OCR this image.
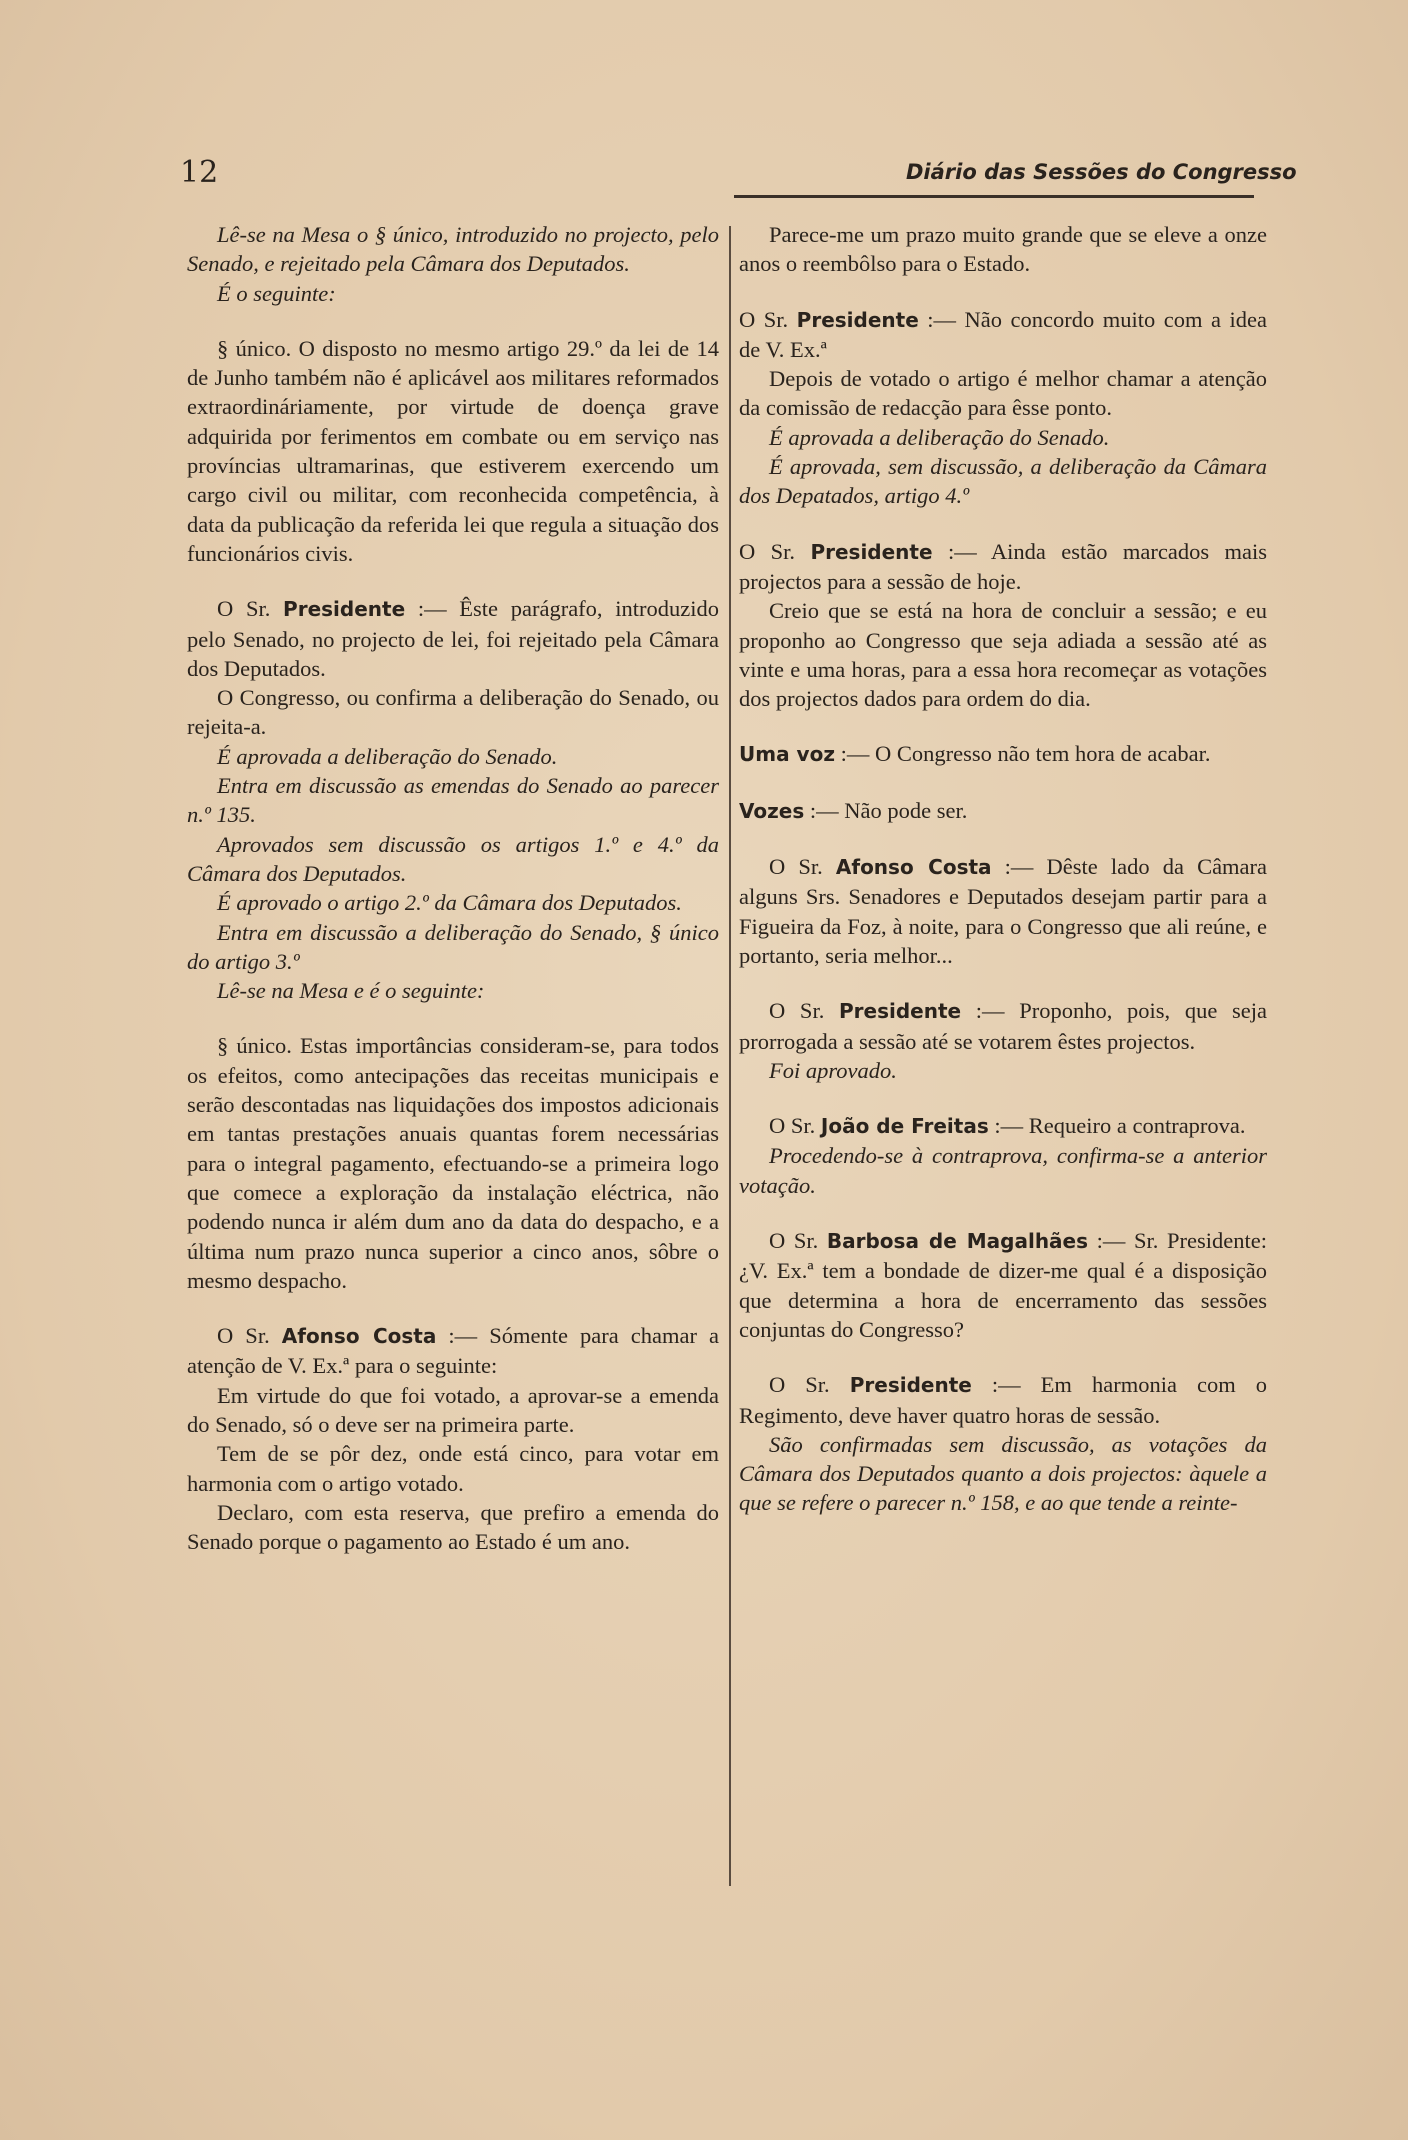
12	Diário das Sessões do Congresso

Lê-se na Mesa o § único, introduzido no projecto, pelo Senado, e rejeitado pela Câmara dos Deputados.

É o seguinte:

§ único. O disposto no mesmo artigo 29.º da lei de 14 de Junho também não é aplicável aos militares reformados extraordináriamente, por virtude de doença grave adquirida por ferimentos em combate ou em serviço nas províncias ultramarinas, que estiverem exercendo um cargo civil ou militar, com reconhecida competência, à data da publicação da referida lei que regula a situação dos funcionários civis.

O Sr. Presidente :— Êste parágrafo, introduzido pelo Senado, no projecto de lei, foi rejeitado pela Câmara dos Deputados.

O Congresso, ou confirma a deliberação do Senado, ou rejeita-a.

É aprovada a deliberação do Senado.

Entra em discussão as emendas do Senado ao parecer n.º 135.

Aprovados sem discussão os artigos 1.º e 4.º da Câmara dos Deputados.

É aprovado o artigo 2.º da Câmara dos Deputados.

Entra em discussão a deliberação do Senado, § único do artigo 3.º

Lê-se na Mesa e é o seguinte:

§ único. Estas importâncias consideram-se, para todos os efeitos, como antecipações das receitas municipais e serão descontadas nas liquidações dos impostos adicionais em tantas prestações anuais quantas forem necessárias para o integral pagamento, efectuando-se a primeira logo que comece a exploração da instalação eléctrica, não podendo nunca ir além dum ano da data do despacho, e a última num prazo nunca superior a cinco anos, sôbre o mesmo despacho.

O Sr. Afonso Costa :— Sómente para chamar a atenção de V. Ex.ª para o seguinte:

Em virtude do que foi votado, a aprovar-se a emenda do Senado, só o deve ser na primeira parte.

Tem de se pôr dez, onde está cinco, para votar em harmonia com o artigo votado.

Declaro, com esta reserva, que prefiro a emenda do Senado porque o pagamento ao Estado é um ano.

Parece-me um prazo muito grande que se eleve a onze anos o reembôlso para o Estado.

O Sr. Presidente :— Não concordo muito com a idea de V. Ex.ª

Depois de votado o artigo é melhor chamar a atenção da comissão de redacção para êsse ponto.

É aprovada a deliberação do Senado.

É aprovada, sem discussão, a deliberação da Câmara dos Depatados, artigo 4.º

O Sr. Presidente :— Ainda estão marcados mais projectos para a sessão de hoje.

Creio que se está na hora de concluir a sessão; e eu proponho ao Congresso que seja adiada a sessão até as vinte e uma horas, para a essa hora recomeçar as votações dos projectos dados para ordem do dia.

Uma voz :— O Congresso não tem hora de acabar.

Vozes :— Não pode ser.

O Sr. Afonso Costa :— Dêste lado da Câmara alguns Srs. Senadores e Deputados desejam partir para a Figueira da Foz, à noite, para o Congresso que ali reúne, e portanto, seria melhor...

O Sr. Presidente :— Proponho, pois, que seja prorrogada a sessão até se votarem êstes projectos.

Foi aprovado.

O Sr. João de Freitas :— Requeiro a contraprova.

Procedendo-se à contraprova, confirma-se a anterior votação.

O Sr. Barbosa de Magalhães :— Sr. Presidente: ¿V. Ex.ª tem a bondade de dizer-me qual é a disposição que determina a hora de encerramento das sessões conjuntas do Congresso?

O Sr. Presidente :— Em harmonia com o Regimento, deve haver quatro horas de sessão.

São confirmadas sem discussão, as votações da Câmara dos Deputados quanto a dois projectos: àquele a que se refere o parecer n.º 158, e ao que tende a reinte-
